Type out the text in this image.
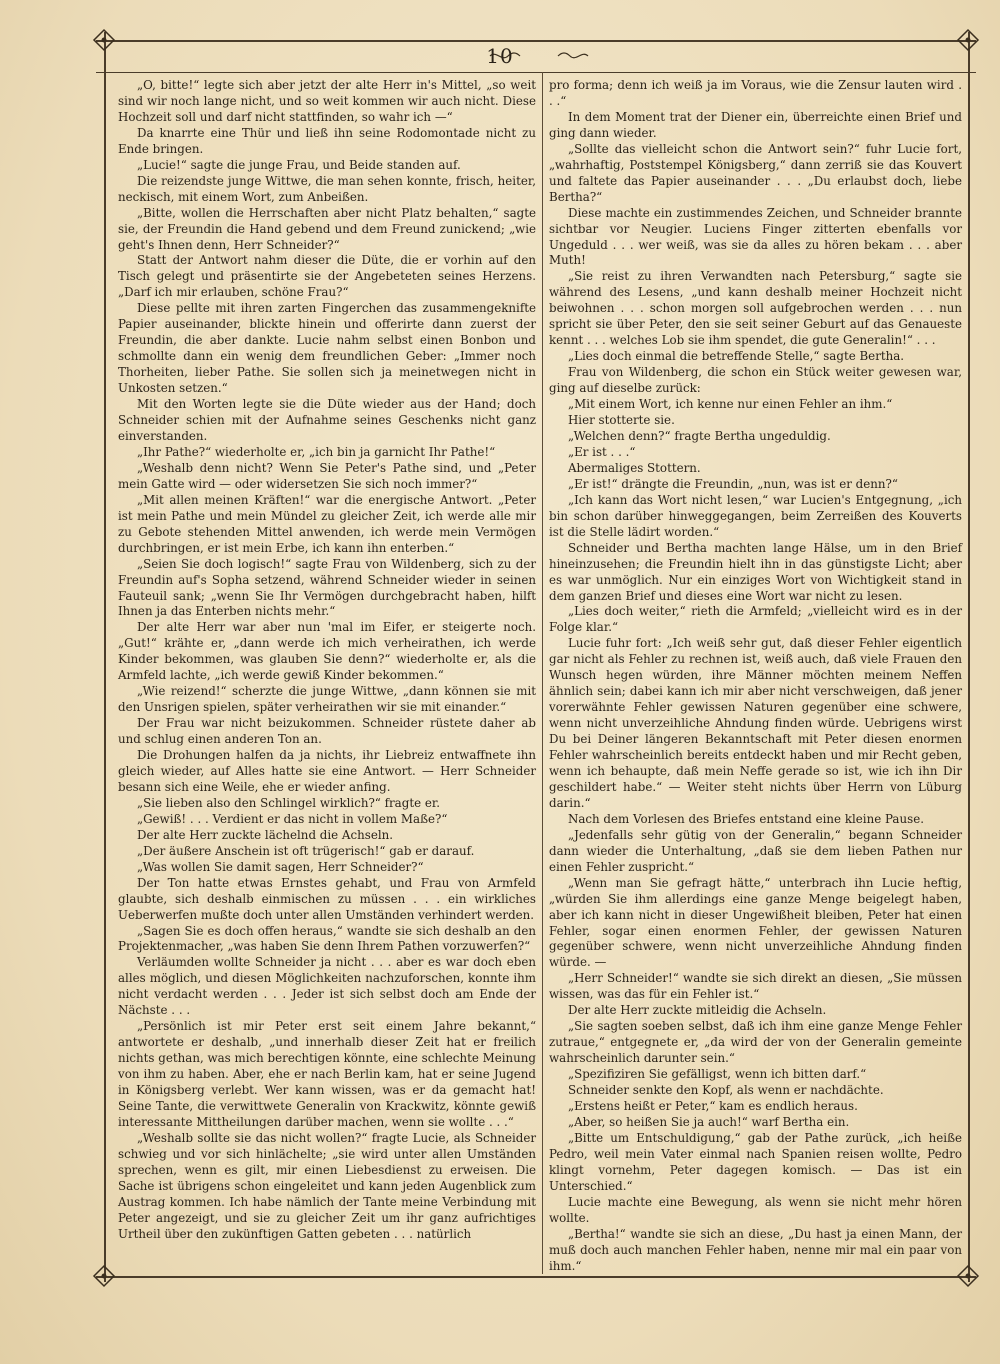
10

„O, bitte!“ legte sich aber jetzt der alte Herr in's Mittel, „so weit sind wir noch lange nicht, und so weit kommen wir auch nicht. Diese Hochzeit soll und darf nicht stattfinden, so wahr ich —“

Da knarrte eine Thür und ließ ihn seine Rodomontade nicht zu Ende bringen.

„Lucie!“ sagte die junge Frau, und Beide standen auf.

Die reizendste junge Wittwe, die man sehen konnte, frisch, heiter, neckisch, mit einem Wort, zum Anbeißen.

„Bitte, wollen die Herrschaften aber nicht Platz behalten,“ sagte sie, der Freundin die Hand gebend und dem Freund zunickend; „wie geht's Ihnen denn, Herr Schneider?“

Statt der Antwort nahm dieser die Düte, die er vorhin auf den Tisch gelegt und präsentirte sie der Angebeteten seines Herzens. „Darf ich mir erlauben, schöne Frau?“

Diese pellte mit ihren zarten Fingerchen das zusammengeknifte Papier auseinander, blickte hinein und offerirte dann zuerst der Freundin, die aber dankte. Lucie nahm selbst einen Bonbon und schmollte dann ein wenig dem freundlichen Geber: „Immer noch Thorheiten, lieber Pathe. Sie sollen sich ja meinetwegen nicht in Unkosten setzen.“

Mit den Worten legte sie die Düte wieder aus der Hand; doch Schneider schien mit der Aufnahme seines Geschenks nicht ganz einverstanden.

„Ihr Pathe?“ wiederholte er, „ich bin ja garnicht Ihr Pathe!“

„Weshalb denn nicht? Wenn Sie Peter's Pathe sind, und „Peter mein Gatte wird — oder widersetzen Sie sich noch immer?“

„Mit allen meinen Kräften!“ war die energische Antwort. „Peter ist mein Pathe und mein Mündel zu gleicher Zeit, ich werde alle mir zu Gebote stehenden Mittel anwenden, ich werde mein Vermögen durchbringen, er ist mein Erbe, ich kann ihn enterben.“

„Seien Sie doch logisch!“ sagte Frau von Wildenberg, sich zu der Freundin auf's Sopha setzend, während Schneider wieder in seinen Fauteuil sank; „wenn Sie Ihr Vermögen durchgebracht haben, hilft Ihnen ja das Enterben nichts mehr.“

Der alte Herr war aber nun 'mal im Eifer, er steigerte noch. „Gut!“ krähte er, „dann werde ich mich verheirathen, ich werde Kinder bekommen, was glauben Sie denn?“ wiederholte er, als die Armfeld lachte, „ich werde gewiß Kinder bekommen.“

„Wie reizend!“ scherzte die junge Wittwe, „dann können sie mit den Unsrigen spielen, später verheirathen wir sie mit einander.“

Der Frau war nicht beizukommen. Schneider rüstete daher ab und schlug einen anderen Ton an.

Die Drohungen halfen da ja nichts, ihr Liebreiz entwaffnete ihn gleich wieder, auf Alles hatte sie eine Antwort. — Herr Schneider besann sich eine Weile, ehe er wieder anfing.

„Sie lieben also den Schlingel wirklich?“ fragte er.

„Gewiß! . . . Verdient er das nicht in vollem Maße?“

Der alte Herr zuckte lächelnd die Achseln.

„Der äußere Anschein ist oft trügerisch!“ gab er darauf.

„Was wollen Sie damit sagen, Herr Schneider?“

Der Ton hatte etwas Ernstes gehabt, und Frau von Armfeld glaubte, sich deshalb einmischen zu müssen . . . ein wirkliches Ueberwerfen mußte doch unter allen Umständen verhindert werden.

„Sagen Sie es doch offen heraus,“ wandte sie sich deshalb an den Projektenmacher, „was haben Sie denn Ihrem Pathen vorzuwerfen?“

Verläumden wollte Schneider ja nicht . . . aber es war doch eben alles möglich, und diesen Möglichkeiten nachzuforschen, konnte ihm nicht verdacht werden . . . Jeder ist sich selbst doch am Ende der Nächste . . .

„Persönlich ist mir Peter erst seit einem Jahre bekannt,“ antwortete er deshalb, „und innerhalb dieser Zeit hat er freilich nichts gethan, was mich berechtigen könnte, eine schlechte Meinung von ihm zu haben. Aber, ehe er nach Berlin kam, hat er seine Jugend in Königsberg verlebt. Wer kann wissen, was er da gemacht hat! Seine Tante, die verwittwete Generalin von Krackwitz, könnte gewiß interessante Mittheilungen darüber machen, wenn sie wollte . . .“

„Weshalb sollte sie das nicht wollen?“ fragte Lucie, als Schneider schwieg und vor sich hinlächelte; „sie wird unter allen Umständen sprechen, wenn es gilt, mir einen Liebesdienst zu erweisen. Die Sache ist übrigens schon eingeleitet und kann jeden Augenblick zum Austrag kommen. Ich habe nämlich der Tante meine Verbindung mit Peter angezeigt, und sie zu gleicher Zeit um ihr ganz aufrichtiges Urtheil über den zukünftigen Gatten gebeten . . . natürlich

pro forma; denn ich weiß ja im Voraus, wie die Zensur lauten wird . . .“

In dem Moment trat der Diener ein, überreichte einen Brief und ging dann wieder.

„Sollte das vielleicht schon die Antwort sein?“ fuhr Lucie fort, „wahrhaftig, Poststempel Königsberg,“ dann zerriß sie das Kouvert und faltete das Papier auseinander . . . „Du erlaubst doch, liebe Bertha?“

Diese machte ein zustimmendes Zeichen, und Schneider brannte sichtbar vor Neugier. Luciens Finger zitterten ebenfalls vor Ungeduld . . . wer weiß, was sie da alles zu hören bekam . . . aber Muth!

„Sie reist zu ihren Verwandten nach Petersburg,“ sagte sie während des Lesens, „und kann deshalb meiner Hochzeit nicht beiwohnen . . . schon morgen soll aufgebrochen werden . . . nun spricht sie über Peter, den sie seit seiner Geburt auf das Genaueste kennt . . . welches Lob sie ihm spendet, die gute Generalin!“ . . .

„Lies doch einmal die betreffende Stelle,“ sagte Bertha.

Frau von Wildenberg, die schon ein Stück weiter gewesen war, ging auf dieselbe zurück:

„Mit einem Wort, ich kenne nur einen Fehler an ihm.“

Hier stotterte sie.

„Welchen denn?“ fragte Bertha ungeduldig.

„Er ist . . .“

Abermaliges Stottern.

„Er ist!“ drängte die Freundin, „nun, was ist er denn?“

„Ich kann das Wort nicht lesen,“ war Lucien's Entgegnung, „ich bin schon darüber hinweggegangen, beim Zerreißen des Kouverts ist die Stelle lädirt worden.“

Schneider und Bertha machten lange Hälse, um in den Brief hineinzusehen; die Freundin hielt ihn in das günstigste Licht; aber es war unmöglich. Nur ein einziges Wort von Wichtigkeit stand in dem ganzen Brief und dieses eine Wort war nicht zu lesen.

„Lies doch weiter,“ rieth die Armfeld; „vielleicht wird es in der Folge klar.“

Lucie fuhr fort: „Ich weiß sehr gut, daß dieser Fehler eigentlich gar nicht als Fehler zu rechnen ist, weiß auch, daß viele Frauen den Wunsch hegen würden, ihre Männer möchten meinem Neffen ähnlich sein; dabei kann ich mir aber nicht verschweigen, daß jener vorerwähnte Fehler gewissen Naturen gegenüber eine schwere, wenn nicht unverzeihliche Ahndung finden würde. Uebrigens wirst Du bei Deiner längeren Bekanntschaft mit Peter diesen enormen Fehler wahrscheinlich bereits entdeckt haben und mir Recht geben, wenn ich behaupte, daß mein Neffe gerade so ist, wie ich ihn Dir geschildert habe.“ — Weiter steht nichts über Herrn von Lüburg darin.“

Nach dem Vorlesen des Briefes entstand eine kleine Pause.

„Jedenfalls sehr gütig von der Generalin,“ begann Schneider dann wieder die Unterhaltung, „daß sie dem lieben Pathen nur einen Fehler zuspricht.“

„Wenn man Sie gefragt hätte,“ unterbrach ihn Lucie heftig, „würden Sie ihm allerdings eine ganze Menge beigelegt haben, aber ich kann nicht in dieser Ungewißheit bleiben, Peter hat einen Fehler, sogar einen enormen Fehler, der gewissen Naturen gegenüber schwere, wenn nicht unverzeihliche Ahndung finden würde. —

„Herr Schneider!“ wandte sie sich direkt an diesen, „Sie müssen wissen, was das für ein Fehler ist.“

Der alte Herr zuckte mitleidig die Achseln.

„Sie sagten soeben selbst, daß ich ihm eine ganze Menge Fehler zutraue,“ entgegnete er, „da wird der von der Generalin gemeinte wahrscheinlich darunter sein.“

„Spezifiziren Sie gefälligst, wenn ich bitten darf.“

Schneider senkte den Kopf, als wenn er nachdächte.

„Erstens heißt er Peter,“ kam es endlich heraus.

„Aber, so heißen Sie ja auch!“ warf Bertha ein.

„Bitte um Entschuldigung,“ gab der Pathe zurück, „ich heiße Pedro, weil mein Vater einmal nach Spanien reisen wollte, Pedro klingt vornehm, Peter dagegen komisch. — Das ist ein Unterschied.“

Lucie machte eine Bewegung, als wenn sie nicht mehr hören wollte.

„Bertha!“ wandte sie sich an diese, „Du hast ja einen Mann, der muß doch auch manchen Fehler haben, nenne mir mal ein paar von ihm.“
